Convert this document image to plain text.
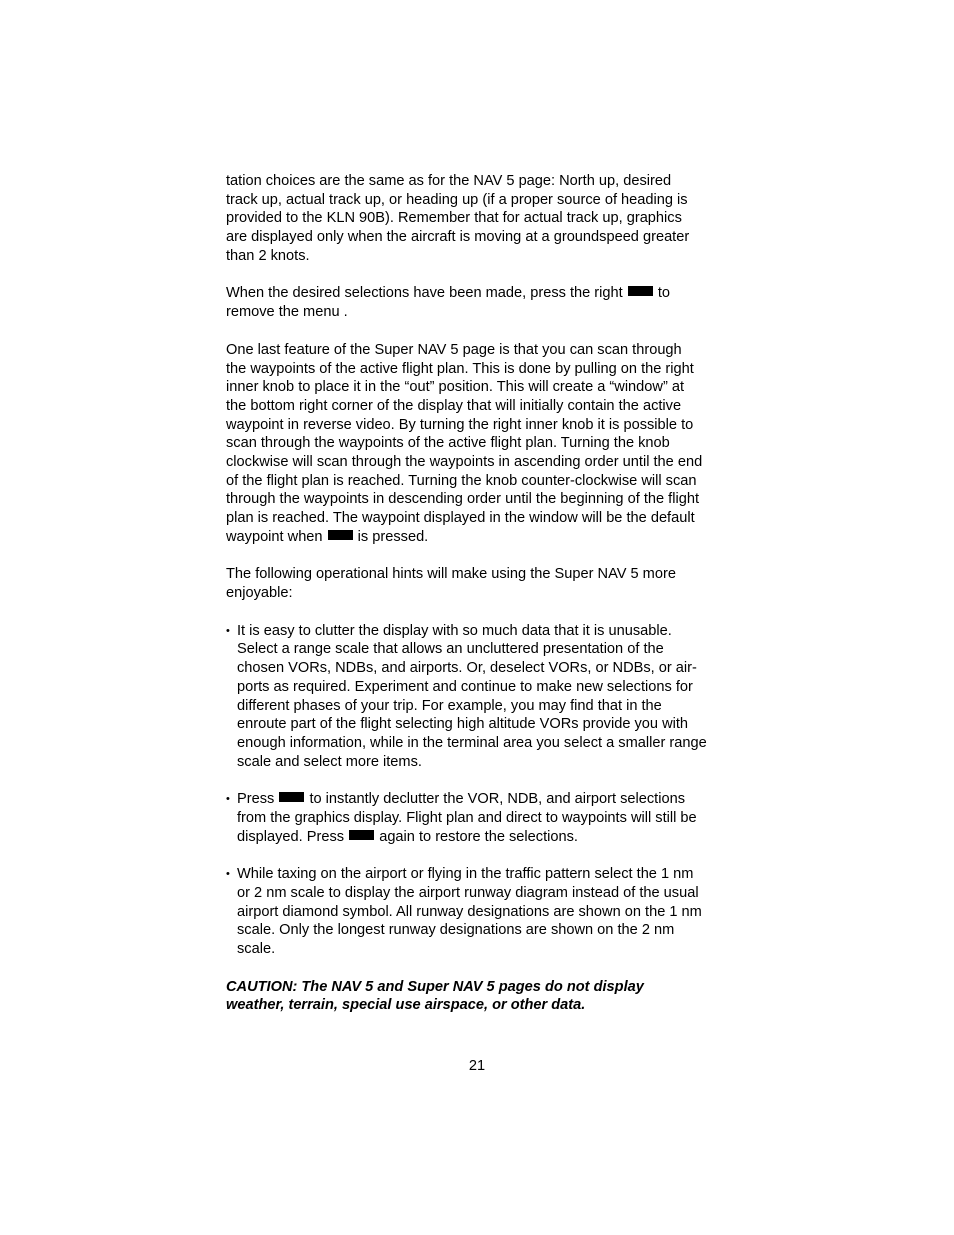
tation choices are the same as for the NAV 5 page: North up, desired
track up, actual track up, or heading up (if a proper source of heading is
provided to the KLN 90B). Remember that for actual track up, graphics
are displayed only when the aircraft is moving at a groundspeed greater
than 2 knots.
When the desired selections have been made, press the right to
remove the menu .
One last feature of the Super NAV 5 page is that you can scan through
the waypoints of the active flight plan. This is done by pulling on the right
inner knob to place it in the “out” position. This will create a “window” at
the bottom right corner of the display that will initially contain the active
waypoint in reverse video. By turning the right inner knob it is possible to
scan through the waypoints of the active flight plan. Turning the knob
clockwise will scan through the waypoints in ascending order until the end
of the flight plan is reached. Turning the knob counter-clockwise will scan
through the waypoints in descending order until the beginning of the flight
plan is reached. The waypoint displayed in the window will be the default
waypoint when is pressed.
The following operational hints will make using the Super NAV 5 more
enjoyable:
• It is easy to clutter the display with so much data that it is unusable.
Select a range scale that allows an uncluttered presentation of the
chosen VORs, NDBs, and airports. Or, deselect VORs, or NDBs, or air-
ports as required. Experiment and continue to make new selections for
different phases of your trip. For example, you may find that in the
enroute part of the flight selecting high altitude VORs provide you with
enough information, while in the terminal area you select a smaller range
scale and select more items.
• Press to instantly declutter the VOR, NDB, and airport selections
from the graphics display. Flight plan and direct to waypoints will still be
displayed. Press again to restore the selections.
• While taxing on the airport or flying in the traffic pattern select the 1 nm
or 2 nm scale to display the airport runway diagram instead of the usual
airport diamond symbol. All runway designations are shown on the 1 nm
scale. Only the longest runway designations are shown on the 2 nm
scale.
CAUTION: The NAV 5 and Super NAV 5 pages do not display
weather, terrain, special use airspace, or other data.
21
